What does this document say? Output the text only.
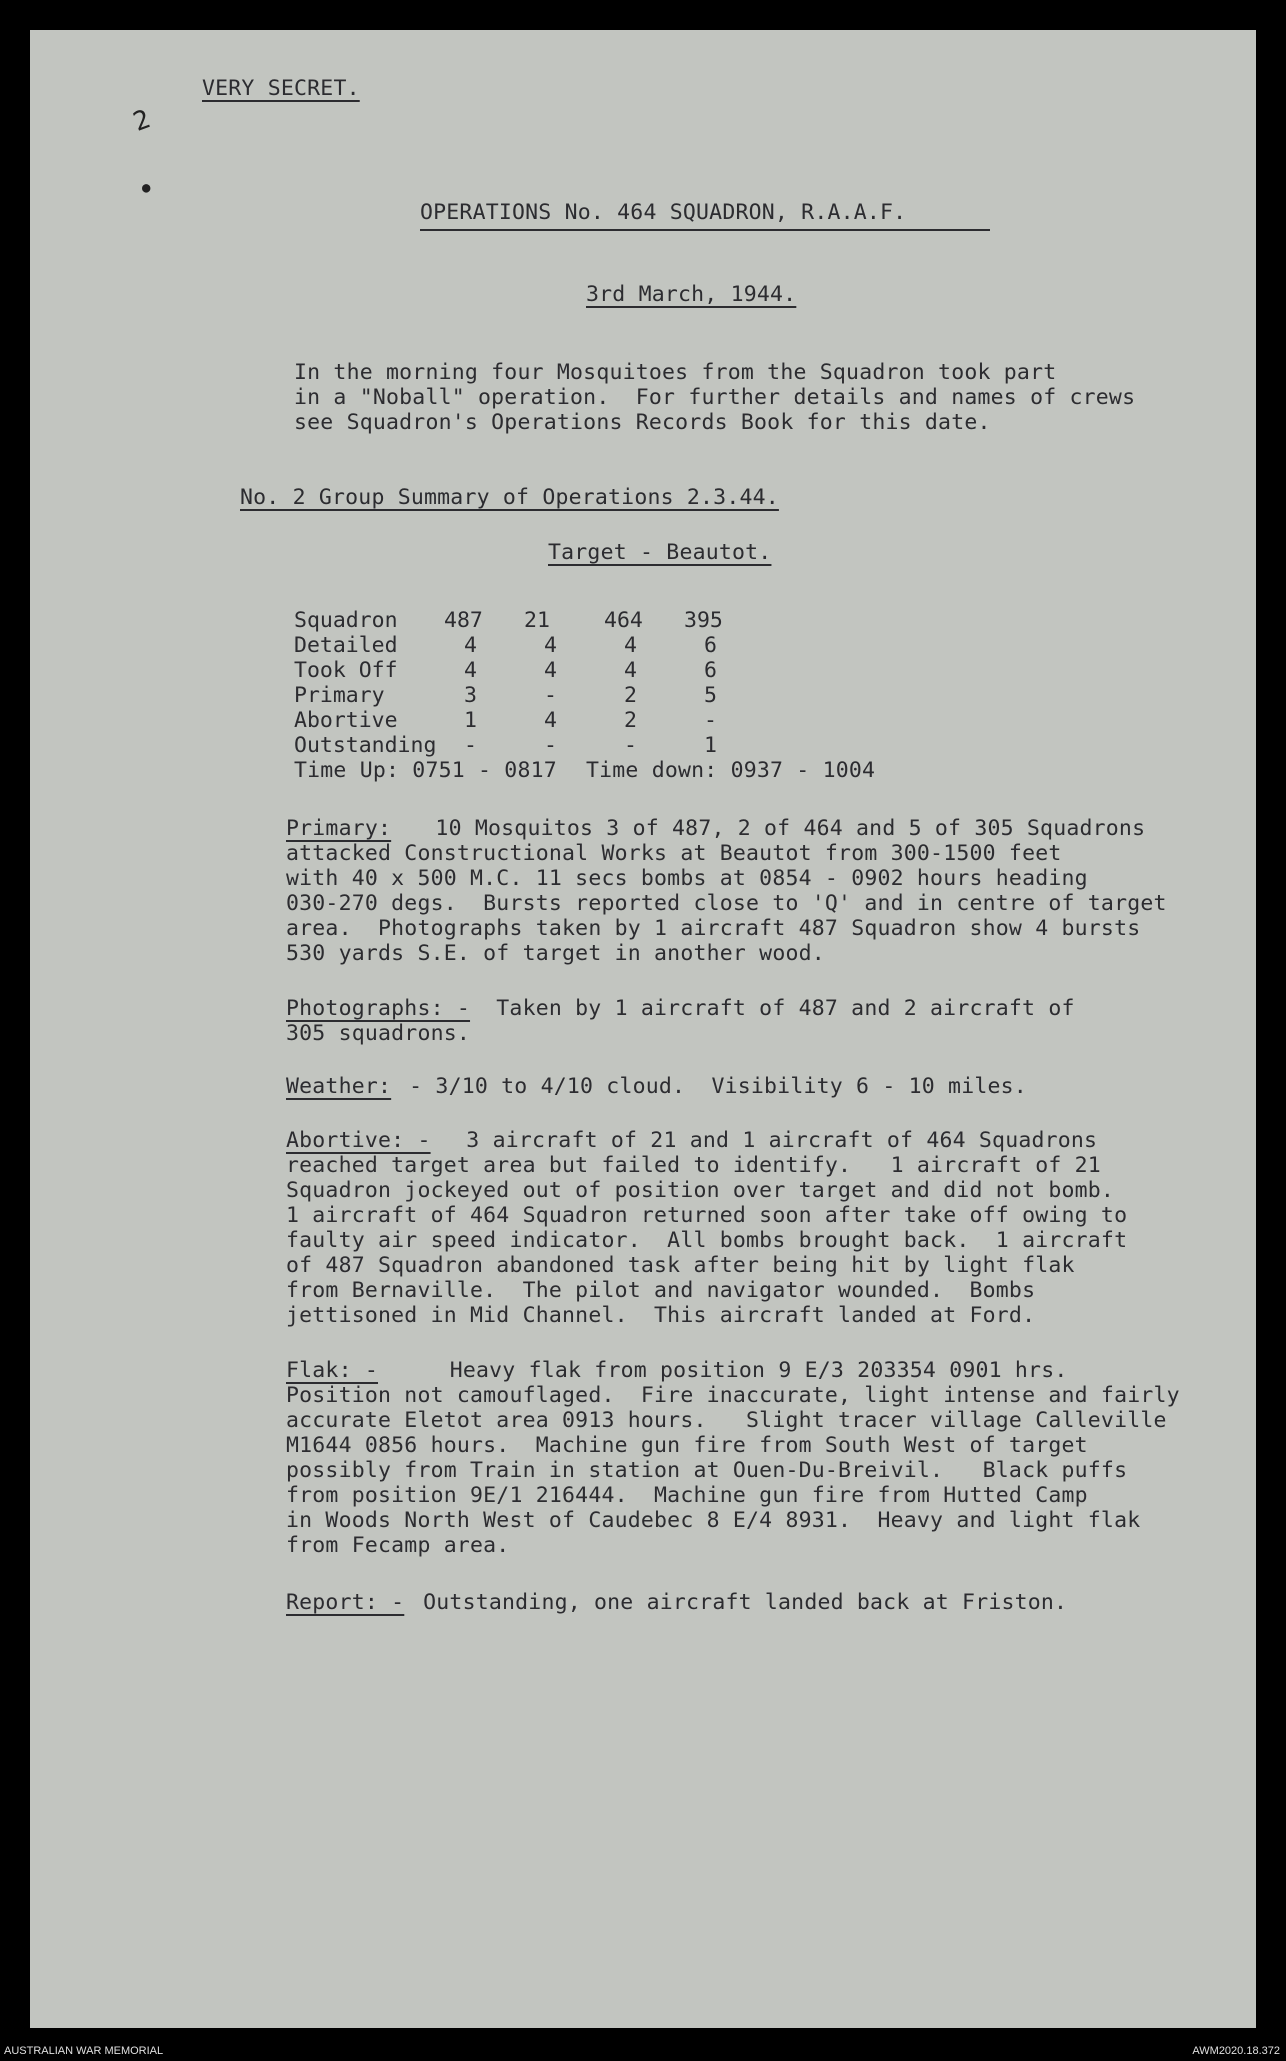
VERY SECRET.
2
●
OPERATIONS No. 464 SQUADRON, R.A.A.F.
3rd March, 1944.
In the morning four Mosquitoes from the Squadron took part
in a "Noball" operation.  For further details and names of crews
see Squadron's Operations Records Book for this date.
No. 2 Group Summary of Operations 2.3.44.
Target - Beautot.
Squadron	487	21	464	395
Detailed	4	4	4	6
Took Off	4	4	4	6
Primary	3	-	2	5
Abortive	1	4	2	-
Outstanding	-	-	-	1
Time Up: 0751 - 0817 Time down: 0937 - 1004
Primary: 10 Mosquitos 3 of 487, 2 of 464 and 5 of 305 Squadrons
attacked Constructional Works at Beautot from 300-1500 feet
with 40 x 500 M.C. 11 secs bombs at 0854 - 0902 hours heading
030-270 degs.  Bursts reported close to 'Q' and in centre of target
area.  Photographs taken by 1 aircraft 487 Squadron show 4 bursts
530 yards S.E. of target in another wood.
Photographs: - Taken by 1 aircraft of 487 and 2 aircraft of
305 squadrons.
Weather: - 3/10 to 4/10 cloud.  Visibility 6 - 10 miles.
Abortive: - 3 aircraft of 21 and 1 aircraft of 464 Squadrons
reached target area but failed to identify.   1 aircraft of 21
Squadron jockeyed out of position over target and did not bomb.
1 aircraft of 464 Squadron returned soon after take off owing to
faulty air speed indicator.  All bombs brought back.  1 aircraft
of 487 Squadron abandoned task after being hit by light flak
from Bernaville.  The pilot and navigator wounded.  Bombs
jettisoned in Mid Channel.  This aircraft landed at Ford.
Flak: - Heavy flak from position 9 E/3 203354 0901 hrs.
Position not camouflaged.  Fire inaccurate, light intense and fairly
accurate Eletot area 0913 hours.   Slight tracer village Calleville
M1644 0856 hours.  Machine gun fire from South West of target
possibly from Train in station at Ouen-Du-Breivil.   Black puffs
from position 9E/1 216444.  Machine gun fire from Hutted Camp
in Woods North West of Caudebec 8 E/4 8931.  Heavy and light flak
from Fecamp area.
Report: - Outstanding, one aircraft landed back at Friston.
AUSTRALIAN WAR MEMORIAL	AWM2020.18.372
